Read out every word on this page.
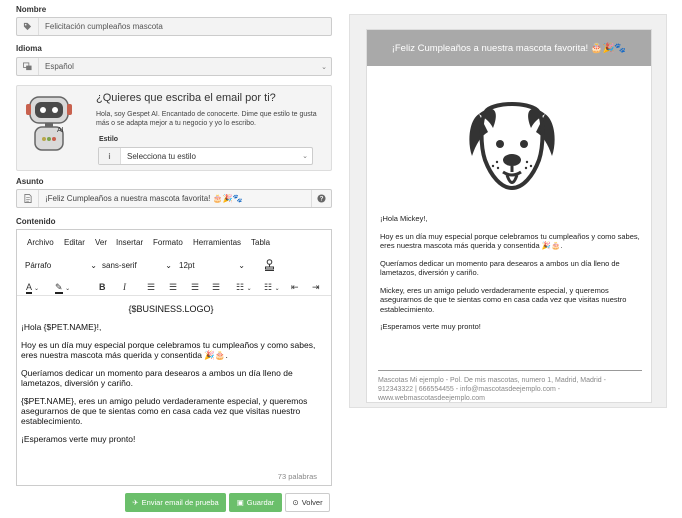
Nombre
Felicitación cumpleaños mascota
Idioma
Español	⌄
AI
¿Quieres que escriba el email por ti?
Hola, soy Gespet AI. Encantado de conocerte. Dime que estilo te gusta más o se adapta mejor a tu negocio y yo lo escribo.
Estilo
i	Selecciona tu estilo	⌄
Asunto
¡Feliz Cumpleaños a nuestra mascota favorita! 🎂🎉🐾	?
Contenido
Archivo Editar Ver Insertar Formato Herramientas Tabla
Párrafo	⌄ sans-serif	⌄ 12pt	⌄
A ⌄ ✎ ⌄	B I ☰ ☰ ☰ ☰ ☷ ⌄ ☷ ⌄ ⇤ ⇥
{$BUSINESS.LOGO}

¡Hola {$PET.NAME}!,

Hoy es un día muy especial porque celebramos tu cumpleaños y como sabes, eres nuestra mascota más querida y consentida 🎉🎂.

Queríamos dedicar un momento para desearos a ambos un día lleno de lametazos, diversión y cariño.

{$PET.NAME}, eres un amigo peludo verdaderamente especial, y queremos asegurarnos de que te sientas como en casa cada vez que visitas nuestro establecimiento.

¡Esperamos verte muy pronto!

73 palabras
✈ Enviar email de prueba ▣ Guardar ⊙ Volver
¡Feliz Cumpleaños a nuestra mascota favorita! 🎂🎉🐾

¡Hola Mickey!,

Hoy es un día muy especial porque celebramos tu cumpleaños y como sabes, eres nuestra mascota más querida y consentida 🎉🎂.

Queríamos dedicar un momento para desearos a ambos un día lleno de lametazos, diversión y cariño.

Mickey, eres un amigo peludo verdaderamente especial, y queremos asegurarnos de que te sientas como en casa cada vez que visitas nuestro establecimiento.

¡Esperamos verte muy pronto!

Mascotas Mi ejemplo - Pol. De mis mascotas, numero 1, Madrid, Madrid - 912343322 | 666554455 - info@mascotasdeejemplo.com - www.webmascotasdeejemplo.com
